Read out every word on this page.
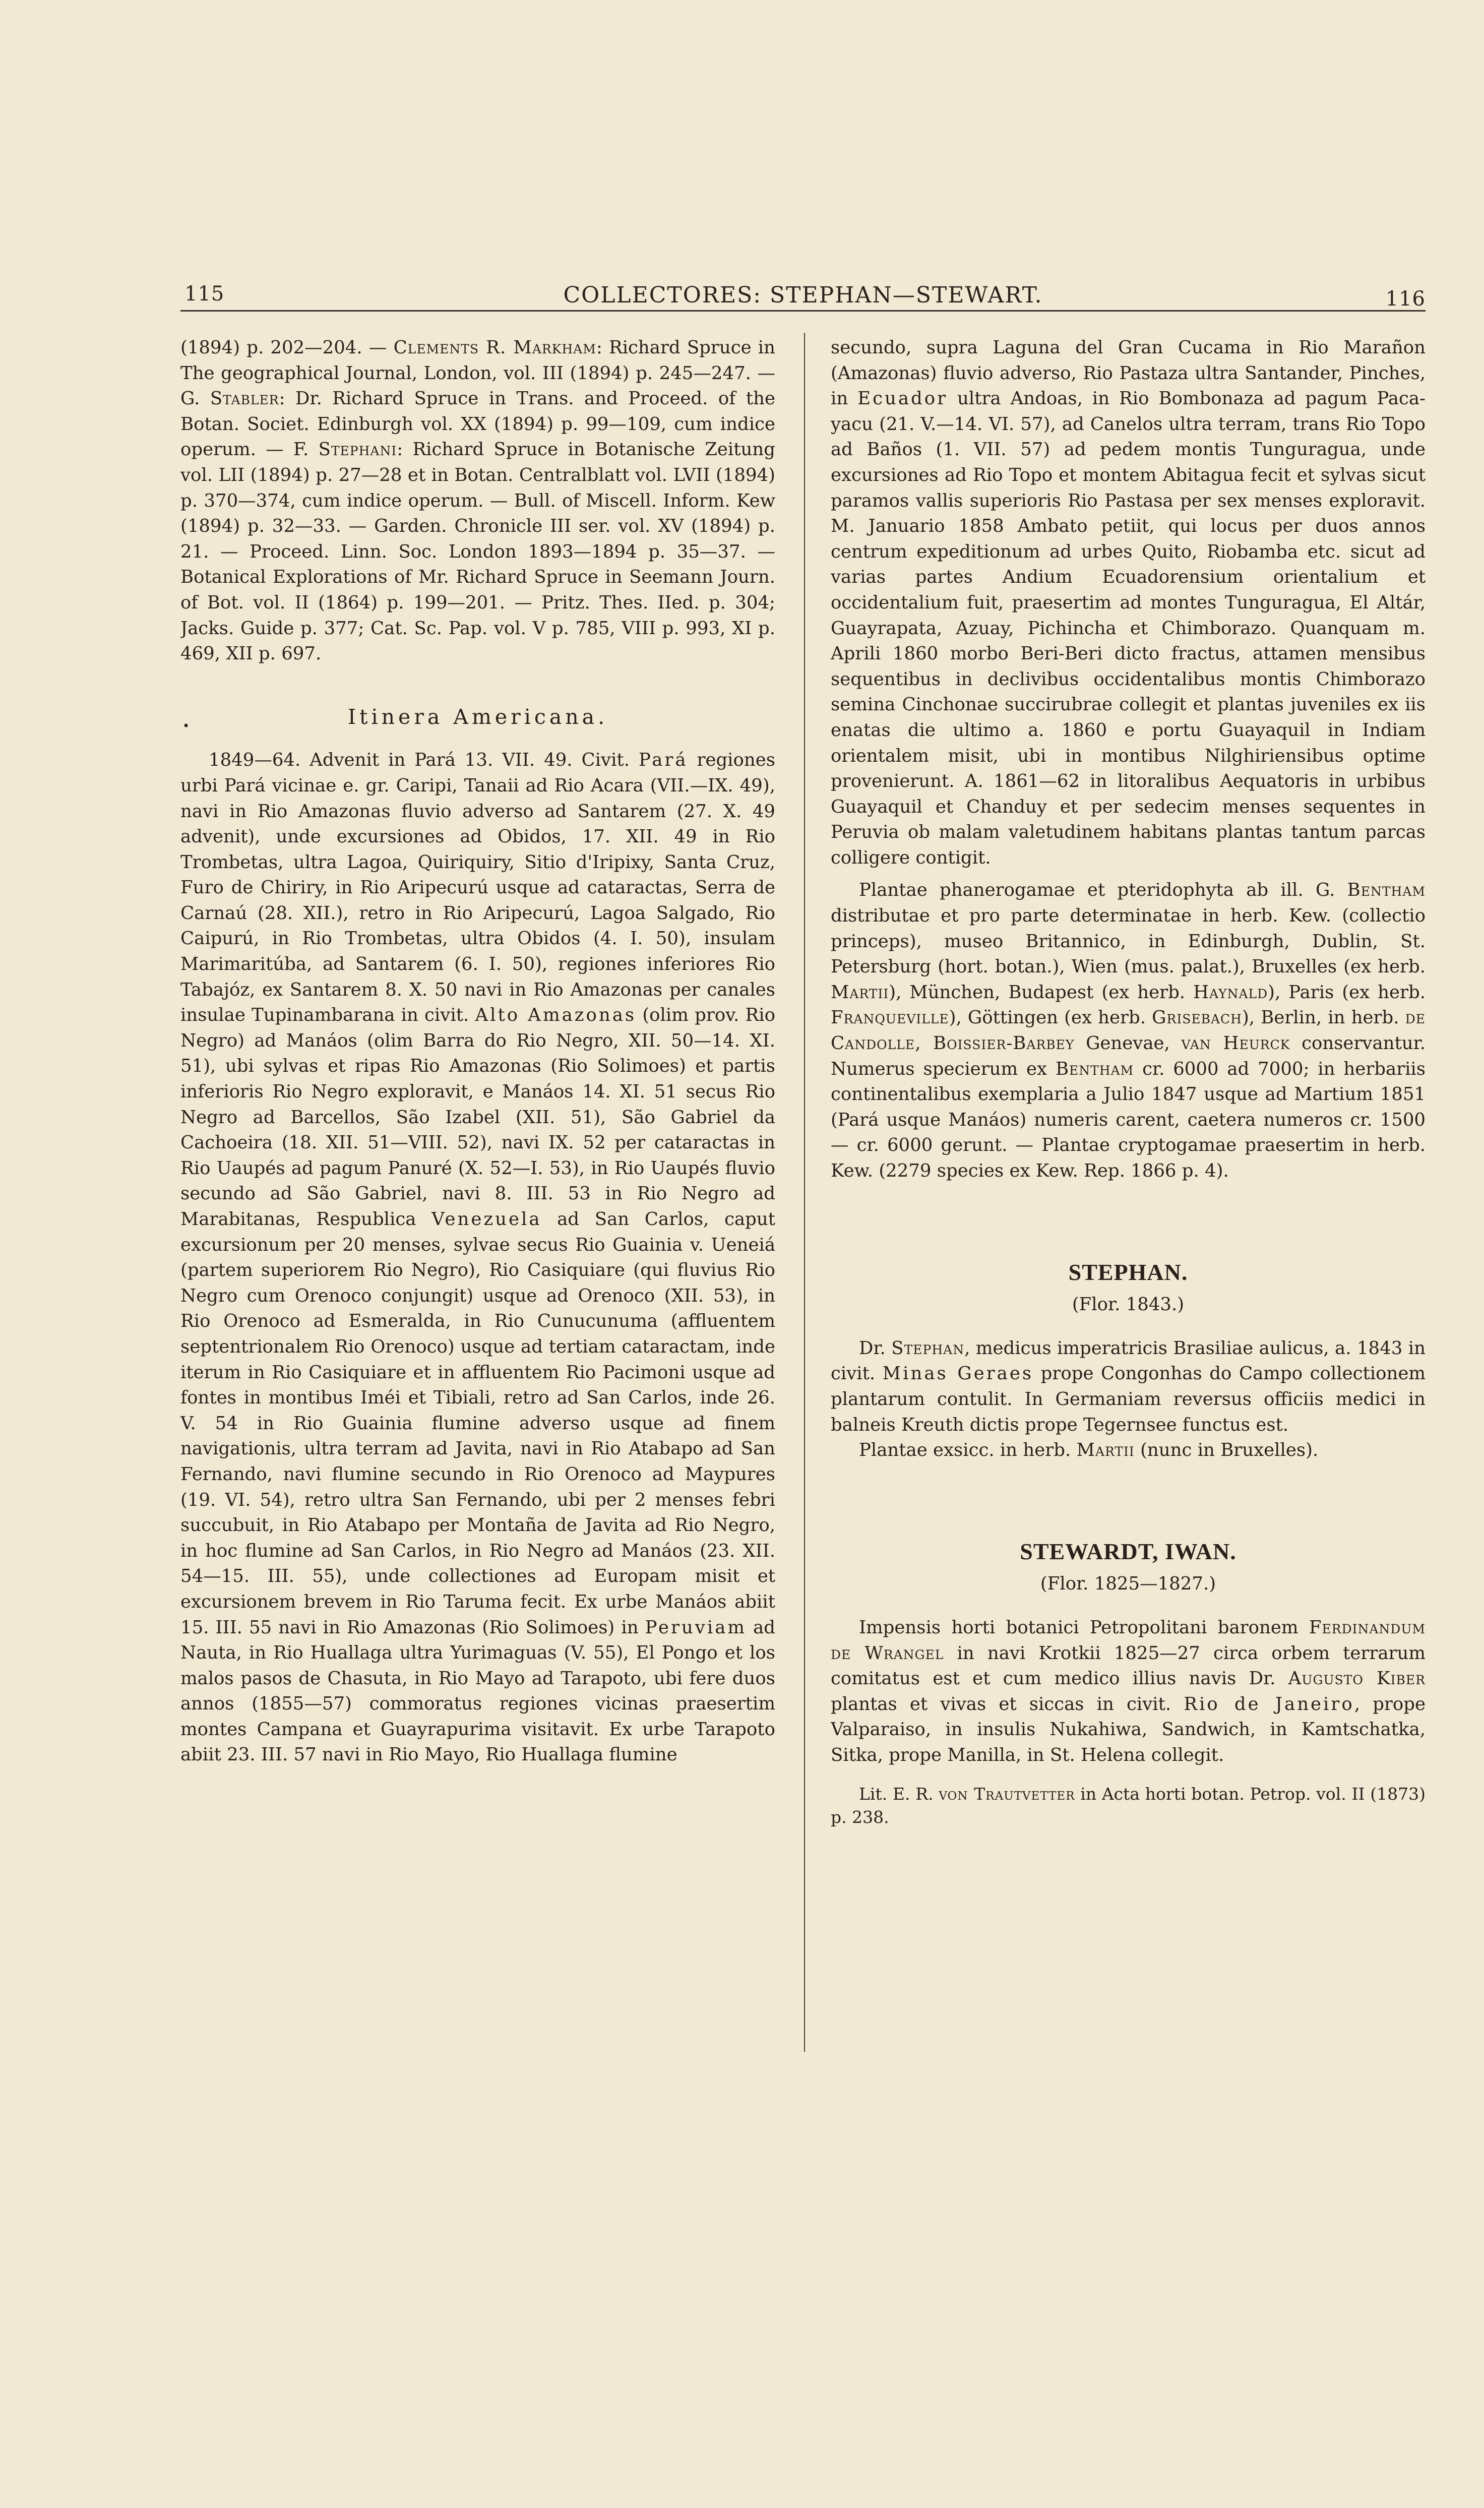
115	COLLECTORES: STEPHAN—STEWART.	116
•

(1894) p. 202—204. — Clements R. Markham: Richard Spruce in The geographical Journal, London, vol. III (1894) p. 245—247. — G. Stabler: Dr. Richard Spruce in Trans. and Proceed. of the Botan. Societ. Edinburgh vol. XX (1894) p. 99—109, cum indice operum. — F. Stephani: Richard Spruce in Botanische Zeitung vol. LII (1894) p. 27—28 et in Botan. Centralblatt vol. LVII (1894) p. 370—374, cum indice operum. — Bull. of Miscell. Inform. Kew (1894) p. 32—33. — Garden. Chronicle III ser. vol. XV (1894) p. 21. — Proceed. Linn. Soc. London 1893—1894 p. 35—37. — Botanical Explorations of Mr. Richard Spruce in Seemann Journ. of Bot. vol. II (1864) p. 199—201. — Pritz. Thes. IIed. p. 304; Jacks. Guide p. 377; Cat. Sc. Pap. vol. V p. 785, VIII p. 993, XI p. 469, XII p. 697.

Itinera Americana.

1849—64. Advenit in Pará 13. VII. 49. Civit. Pará regiones urbi Pará vicinae e. gr. Caripi, Tanaii ad Rio Acara (VII.—IX. 49), navi in Rio Amazonas fluvio adverso ad Santarem (27. X. 49 advenit), unde excursiones ad Obidos, 17. XII. 49 in Rio Trombetas, ultra Lagoa, Quiriquiry, Sitio d'Iripixy, Santa Cruz, Furo de Chiriry, in Rio Aripecurú usque ad cataractas, Serra de Carnaú (28. XII.), retro in Rio Aripecurú, Lagoa Salgado, Rio Caipurú, in Rio Trombetas, ultra Obidos (4. I. 50), insulam Marimaritúba, ad Santarem (6. I. 50), regiones inferiores Rio Tabajóz, ex Santarem 8. X. 50 navi in Rio Amazonas per canales insulae Tupinambarana in civit. Alto Amazonas (olim prov. Rio Negro) ad Manáos (olim Barra do Rio Negro, XII. 50—14. XI. 51), ubi sylvas et ripas Rio Amazonas (Rio Solimoes) et partis inferioris Rio Negro exploravit, e Manáos 14. XI. 51 secus Rio Negro ad Barcellos, São Izabel (XII. 51), São Gabriel da Cachoeira (18. XII. 51—VIII. 52), navi IX. 52 per cataractas in Rio Uaupés ad pagum Panuré (X. 52—I. 53), in Rio Uaupés fluvio secundo ad São Gabriel, navi 8. III. 53 in Rio Negro ad Marabitanas, Respublica Venezuela ad San Carlos, caput excursionum per 20 menses, sylvae secus Rio Guainia v. Ueneiá (partem superiorem Rio Negro), Rio Casiquiare (qui fluvius Rio Negro cum Orenoco conjungit) usque ad Orenoco (XII. 53), in Rio Orenoco ad Esmeralda, in Rio Cunucunuma (affluentem septentrionalem Rio Orenoco) usque ad tertiam cataractam, inde iterum in Rio Casiquiare et in affluentem Rio Pacimoni usque ad fontes in montibus Iméi et Tibiali, retro ad San Carlos, inde 26. V. 54 in Rio Guainia flumine adverso usque ad finem navigationis, ultra terram ad Javita, navi in Rio Atabapo ad San Fernando, navi flumine secundo in Rio Orenoco ad Maypures (19. VI. 54), retro ultra San Fernando, ubi per 2 menses febri succubuit, in Rio Atabapo per Montaña de Javita ad Rio Negro, in hoc flumine ad San Carlos, in Rio Negro ad Manáos (23. XII. 54—15. III. 55), unde collectiones ad Europam misit et excursionem brevem in Rio Taruma fecit. Ex urbe Manáos abiit 15. III. 55 navi in Rio Amazonas (Rio Solimoes) in Peruviam ad Nauta, in Rio Huallaga ultra Yurimaguas (V. 55), El Pongo et los malos pasos de Chasuta, in Rio Mayo ad Tarapoto, ubi fere duos annos (1855—57) commoratus regiones vicinas praesertim montes Campana et Guayrapurima visitavit. Ex urbe Tarapoto abiit 23. III. 57 navi in Rio Mayo, Rio Huallaga flumine

secundo, supra Laguna del Gran Cucama in Rio Marañon (Amazonas) fluvio adverso, Rio Pastaza ultra Santander, Pinches, in Ecuador ultra Andoas, in Rio Bombonaza ad pagum Paca-yacu (21. V.—14. VI. 57), ad Canelos ultra terram, trans Rio Topo ad Baños (1. VII. 57) ad pedem montis Tunguragua, unde excursiones ad Rio Topo et montem Abitagua fecit et sylvas sicut paramos vallis superioris Rio Pastasa per sex menses exploravit. M. Januario 1858 Ambato petiit, qui locus per duos annos centrum expeditionum ad urbes Quito, Riobamba etc. sicut ad varias partes Andium Ecuadorensium orientalium et occidentalium fuit, praesertim ad montes Tunguragua, El Altár, Guayrapata, Azuay, Pichincha et Chimborazo. Quanquam m. Aprili 1860 morbo Beri-Beri dicto fractus, attamen mensibus sequentibus in declivibus occidentalibus montis Chimborazo semina Cinchonae succirubrae collegit et plantas juveniles ex iis enatas die ultimo a. 1860 e portu Guayaquil in Indiam orientalem misit, ubi in montibus Nilghiriensibus optime provenierunt. A. 1861—62 in litoralibus Aequatoris in urbibus Guayaquil et Chanduy et per sedecim menses sequentes in Peruvia ob malam valetudinem habitans plantas tantum parcas colligere contigit.

Plantae phanerogamae et pteridophyta ab ill. G. Bentham distributae et pro parte determinatae in herb. Kew. (collectio princeps), museo Britannico, in Edinburgh, Dublin, St. Petersburg (hort. botan.), Wien (mus. palat.), Bruxelles (ex herb. Martii), München, Budapest (ex herb. Haynald), Paris (ex herb. Franqueville), Göttingen (ex herb. Grisebach), Berlin, in herb. de Candolle, Boissier-Barbey Genevae, van Heurck conservantur. Numerus specierum ex Bentham cr. 6000 ad 7000; in herbariis continentalibus exemplaria a Julio 1847 usque ad Martium 1851 (Pará usque Manáos) numeris carent, caetera numeros cr. 1500 — cr. 6000 gerunt. — Plantae cryptogamae praesertim in herb. Kew. (2279 species ex Kew. Rep. 1866 p. 4).

STEPHAN.
(Flor. 1843.)

Dr. Stephan, medicus imperatricis Brasiliae aulicus, a. 1843 in civit. Minas Geraes prope Congonhas do Campo collectionem plantarum contulit. In Germaniam reversus officiis medici in balneis Kreuth dictis prope Tegernsee functus est.

Plantae exsicc. in herb. Martii (nunc in Bruxelles).

STEWARDT, IWAN.
(Flor. 1825—1827.)

Impensis horti botanici Petropolitani baronem Ferdinandum de Wrangel in navi Krotkii 1825—27 circa orbem terrarum comitatus est et cum medico illius navis Dr. Augusto Kiber plantas et vivas et siccas in civit. Rio de Janeiro, prope Valparaiso, in insulis Nukahiwa, Sandwich, in Kamtschatka, Sitka, prope Manilla, in St. Helena collegit.

Lit. E. R. von Trautvetter in Acta horti botan. Petrop. vol. II (1873) p. 238.
